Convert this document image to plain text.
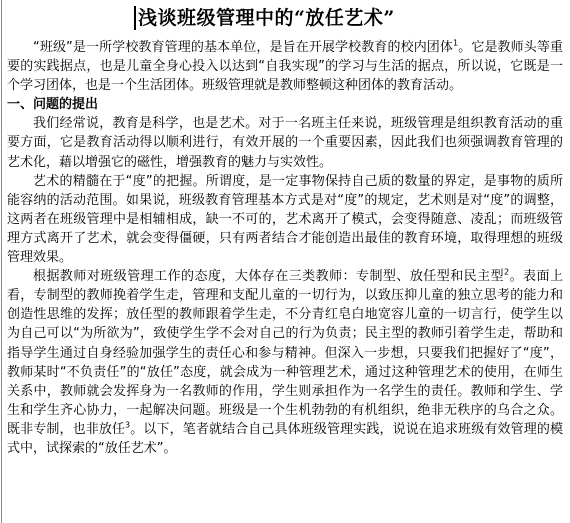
浅谈班级管理中的“放任艺术”

“班级”是一所学校教育管理的基本单位，是旨在开展学校教育的校内团体$^1$。它是教师头等重要的实践据点，也是儿童全身心投入以达到“自我实现”的学习与生活的据点，所以说，它既是一个学习团体，也是一个生活团体。班级管理就是教师整顿这种团体的教育活动。

一、问题的提出

我们经常说，教育是科学，也是艺术。对于一名班主任来说，班级管理是组织教育活动的重要方面，它是教育活动得以顺利进行，有效开展的一个重要因素，因此我们也须强调教育管理的艺术化，藉以增强它的磁性，增强教育的魅力与实效性。

艺术的精髓在于“度”的把握。所谓度，是一定事物保持自己质的数量的界定，是事物的质所能容纳的活动范围。如果说，班级教育管理基本方式是对“度”的规定，艺术则是对“度”的调整，这两者在班级管理中是相辅相成，缺一不可的，艺术离开了模式，会变得随意、凌乱；而班级管理方式离开了艺术，就会变得僵硬，只有两者结合才能创造出最佳的教育环境，取得理想的班级管理效果。

根据教师对班级管理工作的态度，大体存在三类教师：专制型、放任型和民主型$^2$。表面上看，专制型的教师挽着学生走，管理和支配儿童的一切行为，以致压抑儿童的独立思考的能力和创造性思维的发挥；放任型的教师跟着学生走，不分青红皂白地宽容儿童的一切言行，使学生以为自己可以“为所欲为”，致使学生学不会对自己的行为负责；民主型的教师引着学生走，帮助和指导学生通过自身经验加强学生的责任心和参与精神。但深入一步想，只要我们把握好了“度”，教师某时“不负责任”的“放任”态度，就会成为一种管理艺术，通过这种管理艺术的使用，在师生关系中，教师就会发挥身为一名教师的作用，学生则承担作为一名学生的责任。教师和学生、学生和学生齐心协力，一起解决问题。班级是一个生机勃勃的有机组织，绝非无秩序的乌合之众。既非专制，也非放任$^3$。以下，笔者就结合自己具体班级管理实践，说说在追求班级有效管理的模式中，试探索的“放任艺术”。
